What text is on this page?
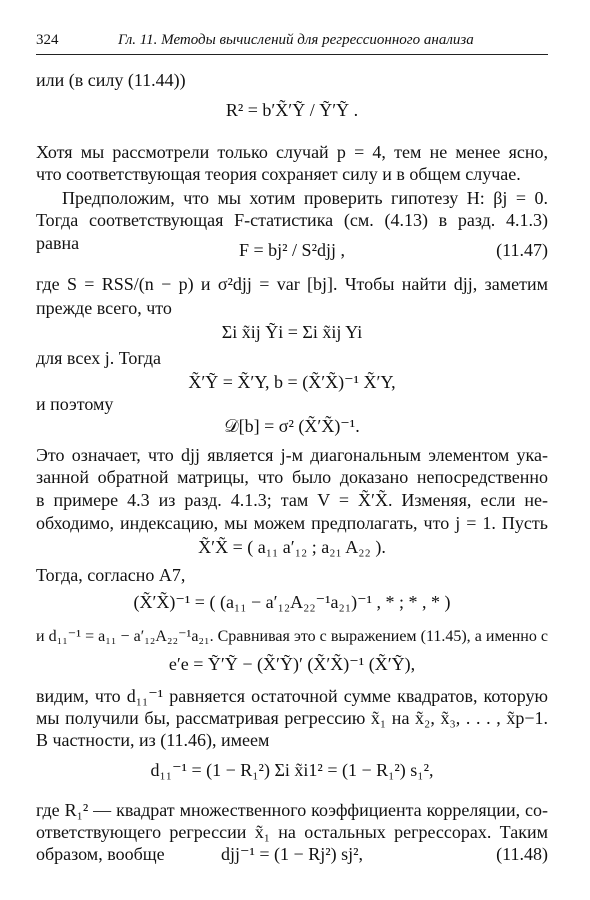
324	Гл. 11. Методы вычислений для регрессионного анализа
или (в силу (11.44))
R² = b′X̃′Ỹ / Ỹ′Ỹ .
Хотя мы рассмотрели только случай p = 4, тем не менее ясно,
что соответствующая теория сохраняет силу и в общем случае.
Предположим, что мы хотим проверить гипотезу H: βj = 0.
Тогда соответствующая F-статистика (см. (4.13) в разд. 4.1.3)
равна	F = bj² / S²djj ,	(11.47)
где S = RSS/(n − p) и σ²djj = var [bj]. Чтобы найти djj, заметим
прежде всего, что
Σi x̃ij Ỹi = Σi x̃ij Yi
для всех j. Тогда
X̃′Ỹ = X̃′Y, b = (X̃′X̃)⁻¹ X̃′Y,
и поэтому
𝒟[b] = σ² (X̃′X̃)⁻¹.
Это означает, что djj является j-м диагональным элементом ука-
занной обратной матрицы, что было доказано непосредственно
в примере 4.3 из разд. 4.1.3; там V = X̃′X̃. Изменяя, если не-
обходимо, индексацию, мы можем предполагать, что j = 1. Пусть
X̃′X̃ = ( a₁₁ a′₁₂ ; a₂₁ A₂₂ ).
Тогда, согласно A7,
(X̃′X̃)⁻¹ = ( (a₁₁ − a′₁₂A₂₂⁻¹a₂₁)⁻¹ , * ; * , * )
и d₁₁⁻¹ = a₁₁ − a′₁₂A₂₂⁻¹a₂₁. Сравнивая это с выражением (11.45), а именно с
e′e = Ỹ′Ỹ − (X̃′Ỹ)′ (X̃′X̃)⁻¹ (X̃′Ỹ),
видим, что d₁₁⁻¹ равняется остаточной сумме квадратов, которую
мы получили бы, рассматривая регрессию x̃₁ на x̃₂, x̃₃, . . . , x̃p−1.
В частности, из (11.46), имеем
d₁₁⁻¹ = (1 − R₁²) Σi x̃i1² = (1 − R₁²) s₁²,
где R₁² — квадрат множественного коэффициента корреляции, со-
ответствующего регрессии x̃₁ на остальных регрессорах. Таким
образом, вообще	djj⁻¹ = (1 − Rj²) sj²,	(11.48)
